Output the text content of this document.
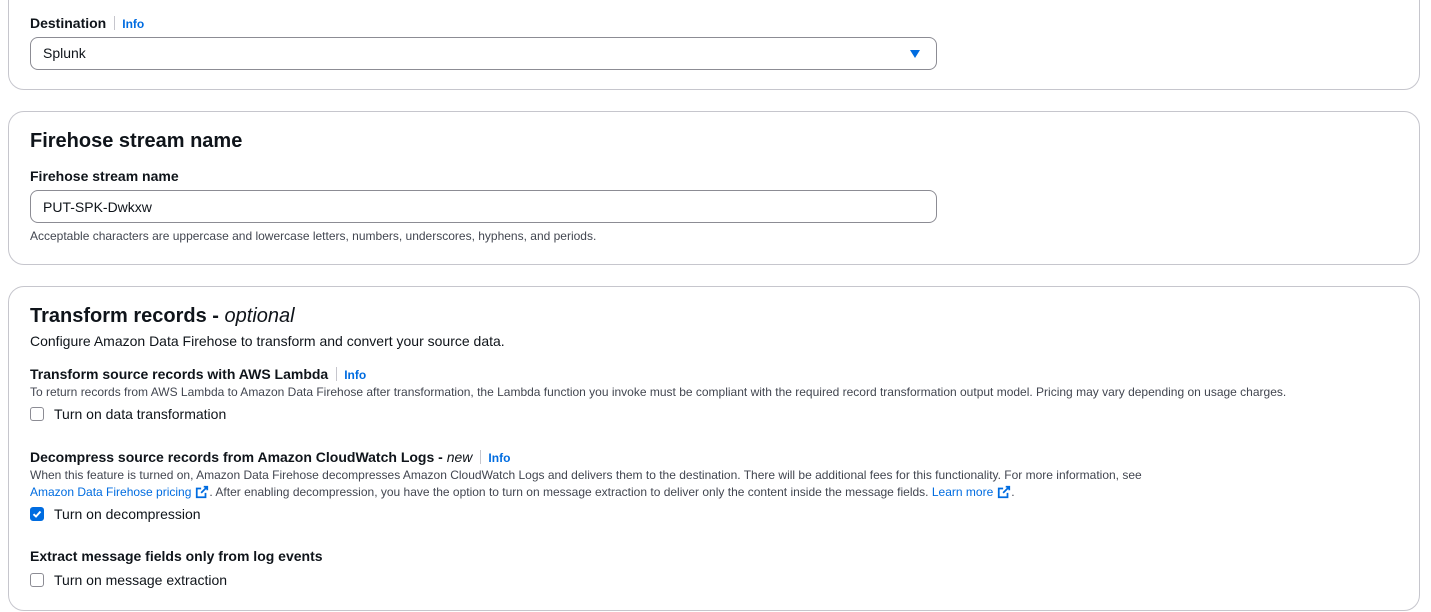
Destination Info
Splunk
Firehose stream name
Firehose stream name
PUT-SPK-Dwkxw
Acceptable characters are uppercase and lowercase letters, numbers, underscores, hyphens, and periods.
Transform records - optional
Configure Amazon Data Firehose to transform and convert your source data.
Transform source records with AWS Lambda Info
To return records from AWS Lambda to Amazon Data Firehose after transformation, the Lambda function you invoke must be compliant with the required record transformation output model. Pricing may vary depending on usage charges.
Turn on data transformation
Decompress source records from Amazon CloudWatch Logs - new Info
When this feature is turned on, Amazon Data Firehose decompresses Amazon CloudWatch Logs and delivers them to the destination. There will be additional fees for this functionality. For more information, see
Amazon Data Firehose pricing . After enabling decompression, you have the option to turn on message extraction to deliver only the content inside the message fields. Learn more .
Turn on decompression
Extract message fields only from log events
Turn on message extraction
